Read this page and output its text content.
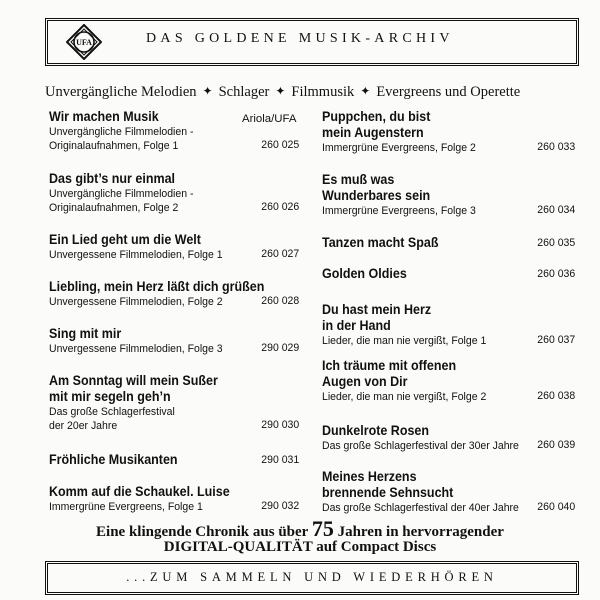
UFA	DAS GOLDENE MUSIK-ARCHIV
Unvergängliche Melodien ✦ Schlager ✦ Filmmusik ✦ Evergreens und Operette
Ariola/UFA
Wir machen Musik
Unvergängliche Filmmelodien -
Originalaufnahmen, Folge 1	260 025
Das gibt’s nur einmal
Unvergängliche Filmmelodien -
Originalaufnahmen, Folge 2	260 026
Ein Lied geht um die Welt
Unvergessene Filmmelodien, Folge 1	260 027
Liebling, mein Herz läßt dich grüßen
Unvergessene Filmmelodien, Folge 2	260 028
Sing mit mir
Unvergessene Filmmelodien, Folge 3	290 029
Am Sonntag will mein Sußer
mit mir segeln geh’n
Das große Schlagerfestival
der 20er Jahre	290 030
Fröhliche Musikanten	290 031
Komm auf die Schaukel. Luise
Immergrüne Evergreens, Folge 1	290 032
Puppchen, du bist
mein Augenstern
Immergrüne Evergreens, Folge 2	260 033
Es muß was
Wunderbares sein
Immergrüne Evergreens, Folge 3	260 034
Tanzen macht Spaß	260 035
Golden Oldies	260 036
Du hast mein Herz
in der Hand
Lieder, die man nie vergißt, Folge 1	260 037
Ich träume mit offenen
Augen von Dir
Lieder, die man nie vergißt, Folge 2	260 038
Dunkelrote Rosen
Das große Schlagerfestival der 30er Jahre	260 039
Meines Herzens
brennende Sehnsucht
Das große Schlagerfestival der 40er Jahre	260 040
Eine klingende Chronik aus über 75 Jahren in hervorragender
DIGITAL-QUALITÄT auf Compact Discs
...ZUM SAMMELN UND WIEDERHÖREN
